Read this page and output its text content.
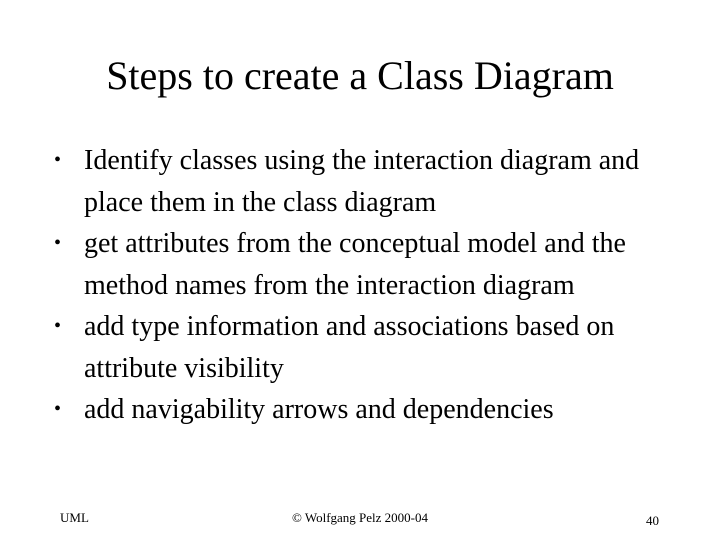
Steps to create a Class Diagram
• Identify classes using the interaction diagram and place them in the class diagram
• get attributes from the conceptual model and the method names from the interaction diagram
• add type information and associations based on attribute visibility
• add navigability arrows and dependencies
UML	© Wolfgang Pelz 2000-04	40
